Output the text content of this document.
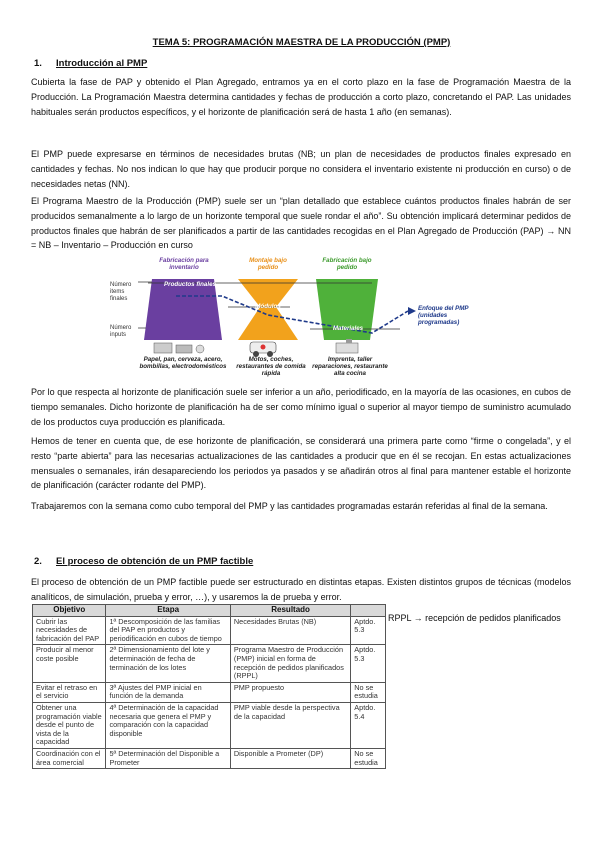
TEMA 5: PROGRAMACIÓN MAESTRA DE LA PRODUCCIÓN (PMP)
1. Introducción al PMP
Cubierta la fase de PAP y obtenido el Plan Agregado, entramos ya en el corto plazo en la fase de Programación Maestra de la Producción. La Programación Maestra determina cantidades y fechas de producción a corto plazo, concretando el PAP. Las unidades habituales serán productos específicos, y el horizonte de planificación será de hasta 1 año (en semanas).
El PMP puede expresarse en términos de necesidades brutas (NB; un plan de necesidades de productos finales expresado en cantidades y fechas. No nos indican lo que hay que producir porque no considera el inventario existente ni producción en curso) o de necesidades netas (NN).
El Programa Maestro de la Producción (PMP) suele ser un “plan detallado que establece cuántos productos finales habrán de ser producidos semanalmente a lo largo de un horizonte temporal que suele rondar el año”. Su obtención implicará determinar pedidos de productos finales que habrán de ser planificados a partir de las cantidades recogidas en el Plan Agregado de Producción (PAP) → NN = NB – Inventario – Producción en curso
Fabricación para inventario
Montaje bajo pedido
Fabricación bajo pedido
Número items finales
Número inputs
Productos finales
Módulos
Materiales
Enfoque del PMP (unidades programadas)
Papel, pan, cerveza, acero, bombillas, electrodomésticos
Motos, coches, restaurantes de comida rápida
Imprenta, taller reparaciones, restaurante alta cocina
Por lo que respecta al horizonte de planificación suele ser inferior a un año, periodificado, en la mayoría de las ocasiones, en cubos de tiempo semanales. Dicho horizonte de planificación ha de ser como mínimo igual o superior al mayor tiempo de suministro acumulado de los productos cuya producción es planificada.
Hemos de tener en cuenta que, de ese horizonte de planificación, se considerará una primera parte como “firme o congelada”, y el resto “parte abierta” para las necesarias actualizaciones de las cantidades a producir que en él se recojan. En estas actualizaciones mensuales o semanales, irán desapareciendo los periodos ya pasados y se añadirán otros al final para mantener estable el horizonte de planificación (carácter rodante del PMP).
Trabajaremos con la semana como cubo temporal del PMP y las cantidades programadas estarán referidas al final de la semana.
2. El proceso de obtención de un PMP factible
El proceso de obtención de un PMP factible puede ser estructurado en distintas etapas. Existen distintos grupos de técnicas (modelos analíticos, de simulación, prueba y error, …), y usaremos la de prueba y error.
Objetivo	Etapa	Resultado	
Cubrir las necesidades de fabricación del PAP	1ª Descomposición de las familias del PAP en productos y periodificación en cubos de tiempo	Necesidades Brutas (NB)	Aptdo. 5.3
Producir al menor coste posible	2ª Dimensionamiento del lote y determinación de fecha de terminación de los lotes	Programa Maestro de Producción (PMP) inicial en forma de recepción de pedidos planificados (RPPL)	Aptdo. 5.3
Evitar el retraso en el servicio	3ª Ajustes del PMP inicial en función de la demanda	PMP propuesto	No se estudia
Obtener una programación viable desde el punto de vista de la capacidad	4ª Determinación de la capacidad necesaria que genera el PMP y comparación con la capacidad disponible	PMP viable desde la perspectiva de la capacidad	Aptdo. 5.4
Coordinación con el área comercial	5ª Determinación del Disponible a Prometer	Disponible a Prometer (DP)	No se estudia
RPPL → recepción de pedidos planificados
